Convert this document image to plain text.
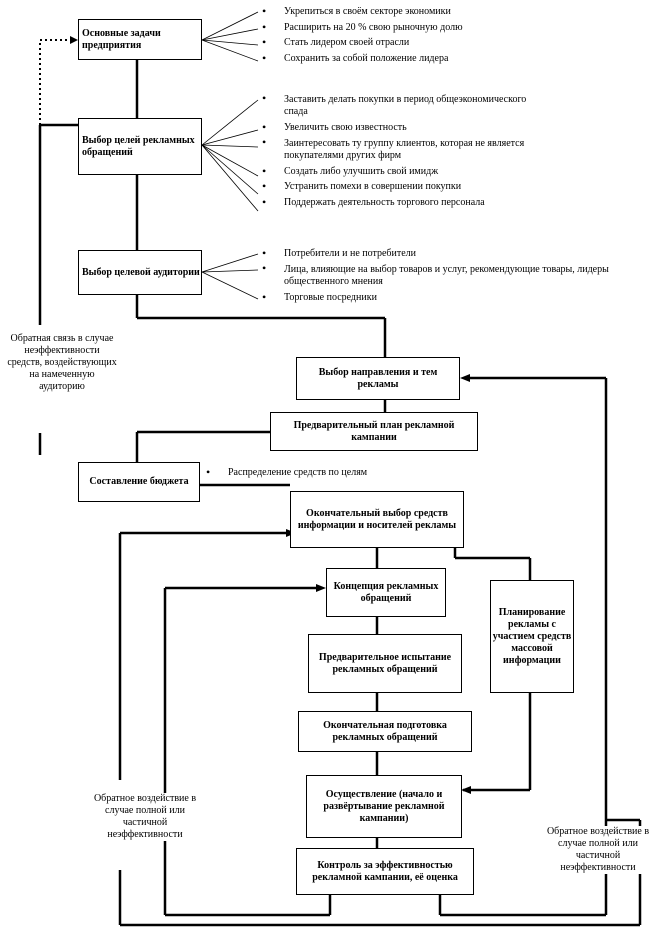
Основные задачи предприятия
Выбор целей рекламных обращений
Выбор целевой аудитории
Выбор направления и тем рекламы
Предварительный план рекламной кампании
Составление бюджета
Окончательный выбор средств информации и носителей рекламы
Концепция рекламных обращений
Планирование рекламы с участием средств массовой информации
Предварительное испытание рекламных обращений
Окончательная подготовка рекламных обращений
Осуществление (начало и развёртывание рекламной кампании)
Контроль за эффективностью рекламной кампании, её оценка
• Укрепиться в своём секторе экономики
• Расширить на 20 % свою рыночную долю
• Стать лидером своей отрасли
• Сохранить за собой положение лидера
• Заставить делать покупки в период общеэкономического спада
• Увеличить свою известность
• Заинтересовать ту группу клиентов, которая не является покупателями других фирм
• Создать либо улучшить свой имидж
• Устранить помехи в совершении покупки
• Поддержать деятельность торгового персонала
• Потребители и не потребители
• Лица, влияющие на выбор товаров и услуг, рекомендующие товары, лидеры общественного мнения
• Торговые посредники
• Распределение средств по целям
Обратная связь в случае неэффективности средств, воздействующих на намеченную аудиторию
Обратное воздействие в случае полной или частичной неэффективности	Обратное воздействие в случае полной или частичной неэффективности
